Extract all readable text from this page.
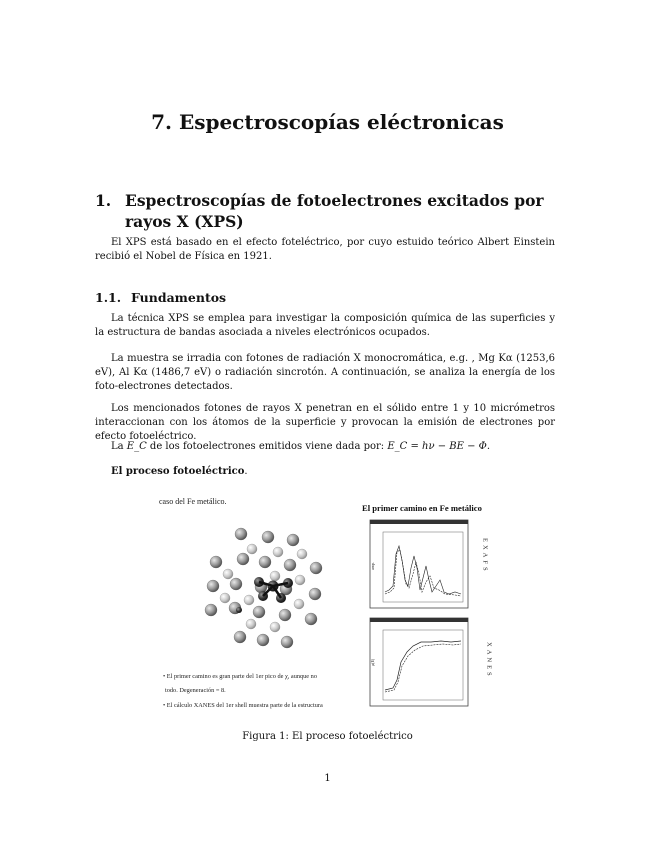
7. Espectroscopías eléctronicas
1. Espectroscopías de fotoelectrones excitados por rayos X (XPS)

El XPS está basado en el efecto foteléctrico, por cuyo estuido teórico Albert Einstein recibió el Nobel de Física en 1921.

1.1. Fundamentos

La técnica XPS se emplea para investigar la composición química de las superficies y la estructura de bandas asociada a niveles electrónicos ocupados.

La muestra se irradia con fotones de radiación X monocromática, e.g. , Mg Kα (1253,6 eV), Al Kα (1486,7 eV) o radiación sincrotón. A continuación, se analiza la energía de los foto-electrones detectados.

Los mencionados fotones de rayos X penetran en el sólido entre 1 y 10 micrómetros interaccionan con los átomos de la superficie y provocan la emisión de electrones por efecto fotoeléctrico.

La E_C de los fotoelectrones emitidos viene dada por: E_C = hν − BE − Φ.

El proceso fotoeléctrico.

caso del Fe metálico.
• El primer camino es gran parte del 1er pico de χ, aunque no
todo. Degeneración = 8.
• El cálculo XANES del 1er shell muestra parte de la estructura
El primer camino en Fe metálico
amp.	EXAFS
μ(E)	XANES
Figura 1: El proceso fotoeléctrico
1
